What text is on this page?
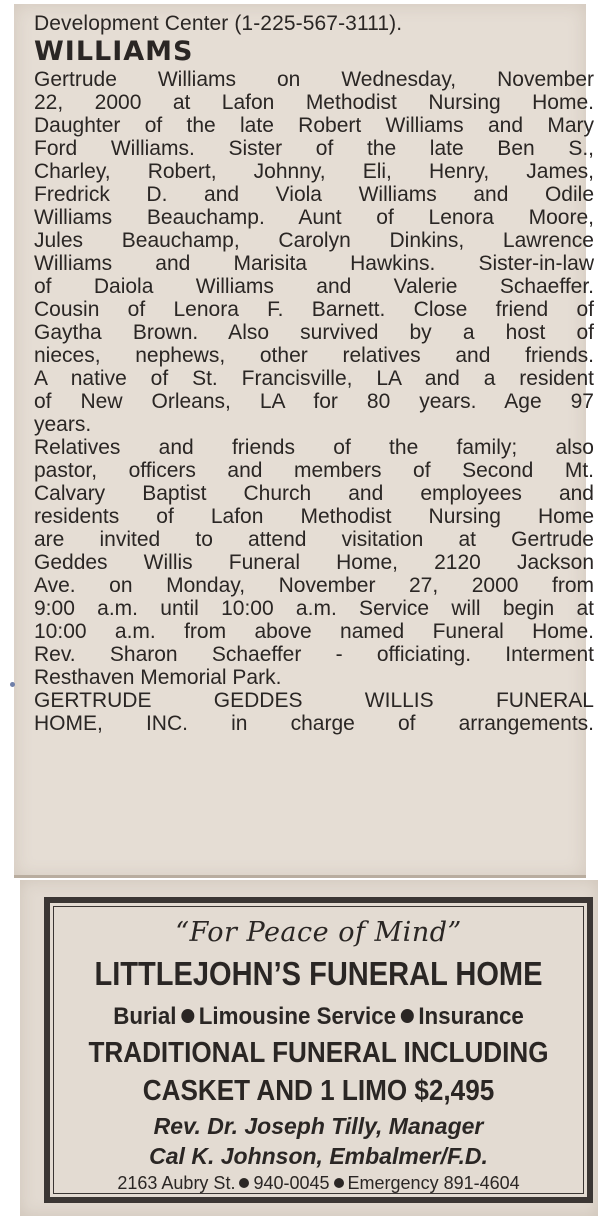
Development Center (1-225-567-3111).
WILLIAMS
Gertrude Williams on Wednesday, November
22, 2000 at Lafon Methodist Nursing Home.
Daughter of the late Robert Williams and Mary
Ford Williams. Sister of the late Ben S.,
Charley, Robert, Johnny, Eli, Henry, James,
Fredrick D. and Viola Williams and Odile
Williams Beauchamp. Aunt of Lenora Moore,
Jules Beauchamp, Carolyn Dinkins, Lawrence
Williams and Marisita Hawkins. Sister-in-law
of Daiola Williams and Valerie Schaeffer.
Cousin of Lenora F. Barnett. Close friend of
Gaytha Brown. Also survived by a host of
nieces, nephews, other relatives and friends.
A native of St. Francisville, LA and a resident
of New Orleans, LA for 80 years. Age 97
years.
Relatives and friends of the family; also
pastor, officers and members of Second Mt.
Calvary Baptist Church and employees and
residents of Lafon Methodist Nursing Home
are invited to attend visitation at Gertrude
Geddes Willis Funeral Home, 2120 Jackson
Ave. on Monday, November 27, 2000 from
9:00 a.m. until 10:00 a.m. Service will begin at
10:00 a.m. from above named Funeral Home.
Rev. Sharon Schaeffer - officiating. Interment
Resthaven Memorial Park.
GERTRUDE GEDDES WILLIS FUNERAL
HOME, INC. in charge of arrangements.
“For Peace of Mind”
LITTLEJOHN’S FUNERAL HOME
Burial Limousine Service Insurance
TRADITIONAL FUNERAL INCLUDING
CASKET AND 1 LIMO $2,495
Rev. Dr. Joseph Tilly, Manager
Cal K. Johnson, Embalmer/F.D.
2163 Aubry St. 940-0045 Emergency 891-4604
